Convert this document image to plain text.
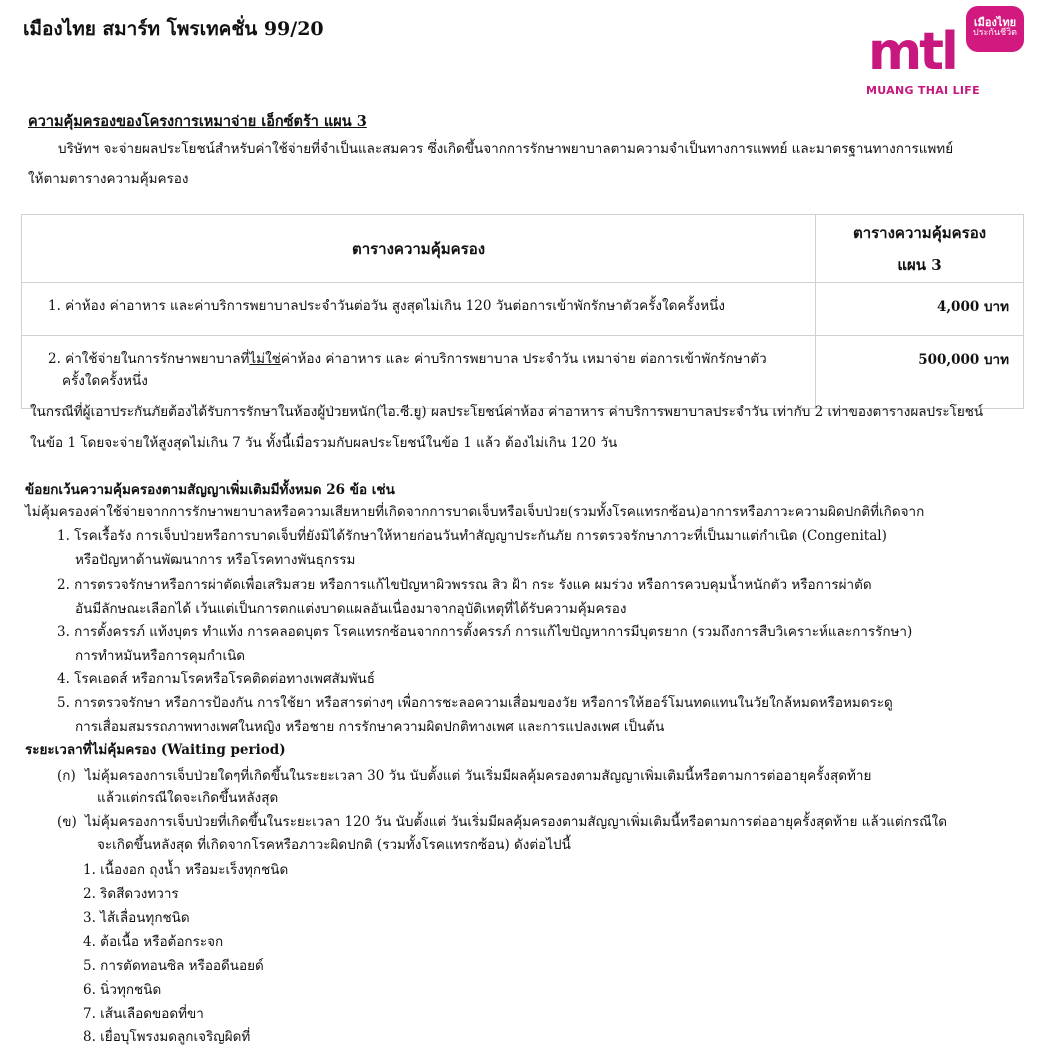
เมืองไทย สมาร์ท โพรเทคชั่น 99/20	mtl	เมืองไทย
ประกันชีวิต
MUANG THAI LIFE
ความคุ้มครองของโครงการเหมาจ่าย เอ็กซ์ตร้า แผน 3
บริษัทฯ จะจ่ายผลประโยชน์สำหรับค่าใช้จ่ายที่จำเป็นและสมควร ซึ่งเกิดขึ้นจากการรักษาพยาบาลตามความจำเป็นทางการแพทย์ และมาตรฐานทางการแพทย์
ให้ตามตารางความคุ้มครอง
ตารางความคุ้มครอง	ตารางความคุ้มครอง
แผน 3

1. ค่าห้อง ค่าอาหาร และค่าบริการพยาบาลประจำวันต่อวัน สูงสุดไม่เกิน 120 วันต่อการเข้าพักรักษาตัวครั้งใดครั้งหนึ่ง	4,000 บาท
2. ค่าใช้จ่ายในการรักษาพยาบาลที่ไม่ใช่ค่าห้อง ค่าอาหาร และ ค่าบริการพยาบาล ประจำวัน เหมาจ่าย ต่อการเข้าพักรักษาตัว
ครั้งใดครั้งหนึ่ง	500,000 บาท
ในกรณีที่ผู้เอาประกันภัยต้องได้รับการรักษาในห้องผู้ป่วยหนัก(ไอ.ซี.ยู) ผลประโยชน์ค่าห้อง ค่าอาหาร ค่าบริการพยาบาลประจำวัน เท่ากับ 2 เท่าของตารางผลประโยชน์
ในข้อ 1 โดยจะจ่ายให้สูงสุดไม่เกิน 7 วัน ทั้งนี้เมื่อรวมกับผลประโยชน์ในข้อ 1 แล้ว ต้องไม่เกิน 120 วัน
ข้อยกเว้นความคุ้มครองตามสัญญาเพิ่มเติมมีทั้งหมด 26 ข้อ เช่น
ไม่คุ้มครองค่าใช้จ่ายจากการรักษาพยาบาลหรือความเสียหายที่เกิดจากการบาดเจ็บหรือเจ็บป่วย(รวมทั้งโรคแทรกซ้อน)อาการหรือภาวะความผิดปกติที่เกิดจาก
1. โรคเรื้อรัง การเจ็บป่วยหรือการบาดเจ็บที่ยังมิได้รักษาให้หายก่อนวันทำสัญญาประกันภัย การตรวจรักษาภาวะที่เป็นมาแต่กำเนิด (Congenital)
หรือปัญหาด้านพัฒนาการ หรือโรคทางพันธุกรรม
2. การตรวจรักษาหรือการผ่าตัดเพื่อเสริมสวย หรือการแก้ไขปัญหาผิวพรรณ สิว ฝ้า กระ รังแค ผมร่วง หรือการควบคุมน้ำหนักตัว หรือการผ่าตัด
อันมีลักษณะเลือกได้ เว้นแต่เป็นการตกแต่งบาดแผลอันเนื่องมาจากอุบัติเหตุที่ได้รับความคุ้มครอง
3. การตั้งครรภ์ แท้งบุตร ทำแท้ง การคลอดบุตร โรคแทรกซ้อนจากการตั้งครรภ์ การแก้ไขปัญหาการมีบุตรยาก (รวมถึงการสืบวิเคราะห์และการรักษา)
การทำหมันหรือการคุมกำเนิด
4. โรคเอดส์ หรือกามโรคหรือโรคติดต่อทางเพศสัมพันธ์
5. การตรวจรักษา หรือการป้องกัน การใช้ยา หรือสารต่างๆ เพื่อการชะลอความเสื่อมของวัย หรือการให้ฮอร์โมนทดแทนในวัยใกล้หมดหรือหมดระดู
การเสื่อมสมรรถภาพทางเพศในหญิง หรือชาย การรักษาความผิดปกติทางเพศ และการแปลงเพศ เป็นต้น
ระยะเวลาที่ไม่คุ้มครอง (Waiting period)
(ก) ไม่คุ้มครองการเจ็บป่วยใดๆที่เกิดขึ้นในระยะเวลา 30 วัน นับตั้งแต่ วันเริ่มมีผลคุ้มครองตามสัญญาเพิ่มเติมนี้หรือตามการต่ออายุครั้งสุดท้าย
แล้วแต่กรณีใดจะเกิดขึ้นหลังสุด
(ข) ไม่คุ้มครองการเจ็บป่วยที่เกิดขึ้นในระยะเวลา 120 วัน นับตั้งแต่ วันเริ่มมีผลคุ้มครองตามสัญญาเพิ่มเติมนี้หรือตามการต่ออายุครั้งสุดท้าย แล้วแต่กรณีใด
จะเกิดขึ้นหลังสุด ที่เกิดจากโรคหรือภาวะผิดปกติ (รวมทั้งโรคแทรกซ้อน) ดังต่อไปนี้
1. เนื้องอก ถุงน้ำ หรือมะเร็งทุกชนิด
2. ริดสีดวงทวาร
3. ไส้เลื่อนทุกชนิด
4. ต้อเนื้อ หรือต้อกระจก
5. การตัดทอนซิล หรืออดีนอยด์
6. นิ่วทุกชนิด
7. เส้นเลือดขอดที่ขา
8. เยื่อบุโพรงมดลูกเจริญผิดที่
